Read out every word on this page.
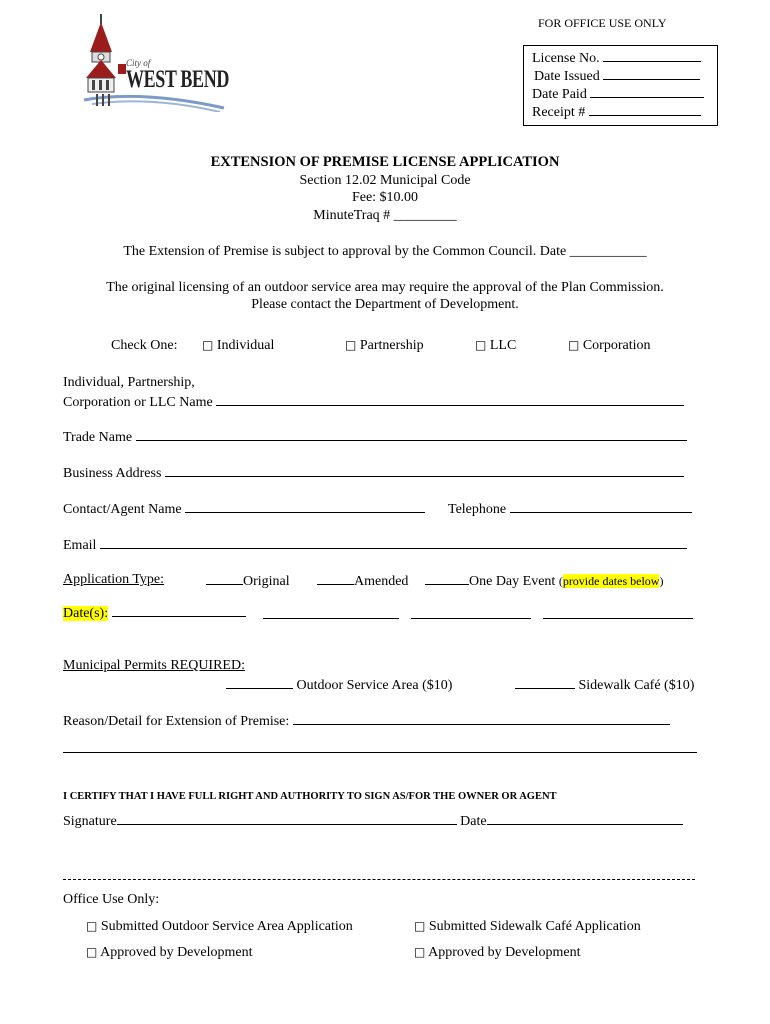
City of
WEST BEND
FOR OFFICE USE ONLY
License No.
Date Issued
Date Paid
Receipt #
EXTENSION OF PREMISE LICENSE APPLICATION
Section 12.02 Municipal Code
Fee: $10.00
MinuteTraq # _________
The Extension of Premise is subject to approval by the Common Council. Date ___________
The original licensing of an outdoor service area may require the approval of the Plan Commission.
Please contact the Department of Development.
Check One: □ Individual	□ Partnership	□ LLC	□ Corporation
Individual, Partnership,
Corporation or LLC Name
Trade Name
Business Address
Contact/Agent Name	Telephone
Email
Application Type:	Original	Amended	One Day Event (provide dates below)
Date(s):
Municipal Permits REQUIRED:
Outdoor Service Area ($10)	Sidewalk Café ($10)
Reason/Detail for Extension of Premise:
I CERTIFY THAT I HAVE FULL RIGHT AND AUTHORITY TO SIGN AS/FOR THE OWNER OR AGENT
Signature	Date
Office Use Only:
□ Submitted Outdoor Service Area Application	□ Submitted Sidewalk Café Application
□ Approved by Development	□ Approved by Development
